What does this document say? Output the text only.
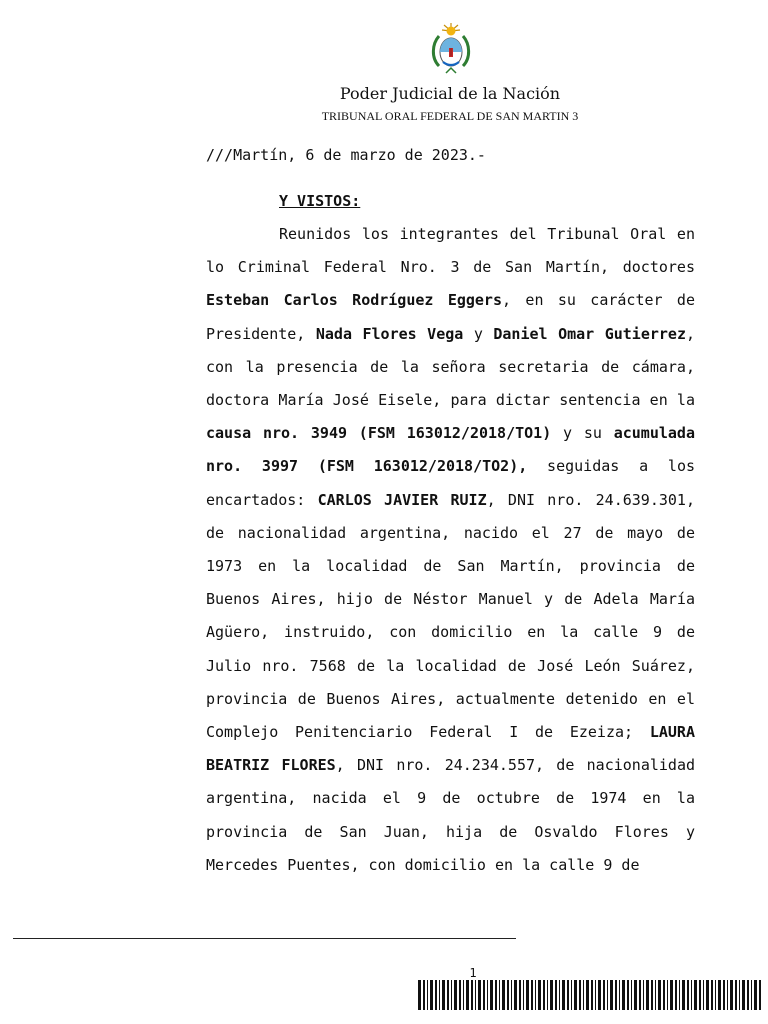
Poder Judicial de la Nación
TRIBUNAL ORAL FEDERAL DE SAN MARTIN 3
///Martín, 6 de marzo de 2023.-
Y VISTOS:

Reunidos los integrantes del Tribunal Oral en lo Criminal Federal Nro. 3 de San Martín, doctores Esteban Carlos Rodríguez Eggers, en su carácter de Presidente, Nada Flores Vega y Daniel Omar Gutierrez, con la presencia de la señora secretaria de cámara, doctora María José Eisele, para dictar sentencia en la causa nro. 3949 (FSM 163012/2018/TO1) y su acumulada nro. 3997 (FSM 163012/2018/TO2), seguidas a los encartados: CARLOS JAVIER RUIZ, DNI nro. 24.639.301, de nacionalidad argentina, nacido el 27 de mayo de 1973 en la localidad de San Martín, provincia de Buenos Aires, hijo de Néstor Manuel y de Adela María Agüero, instruido, con domicilio en la calle 9 de Julio nro. 7568 de la localidad de José León Suárez, provincia de Buenos Aires, actualmente detenido en el Complejo Penitenciario Federal I de Ezeiza; LAURA BEATRIZ FLORES, DNI nro. 24.234.557, de nacionalidad argentina, nacida el 9 de octubre de 1974 en la provincia de San Juan, hija de Osvaldo Flores y Mercedes Puentes, con domicilio en la calle 9 de

1
